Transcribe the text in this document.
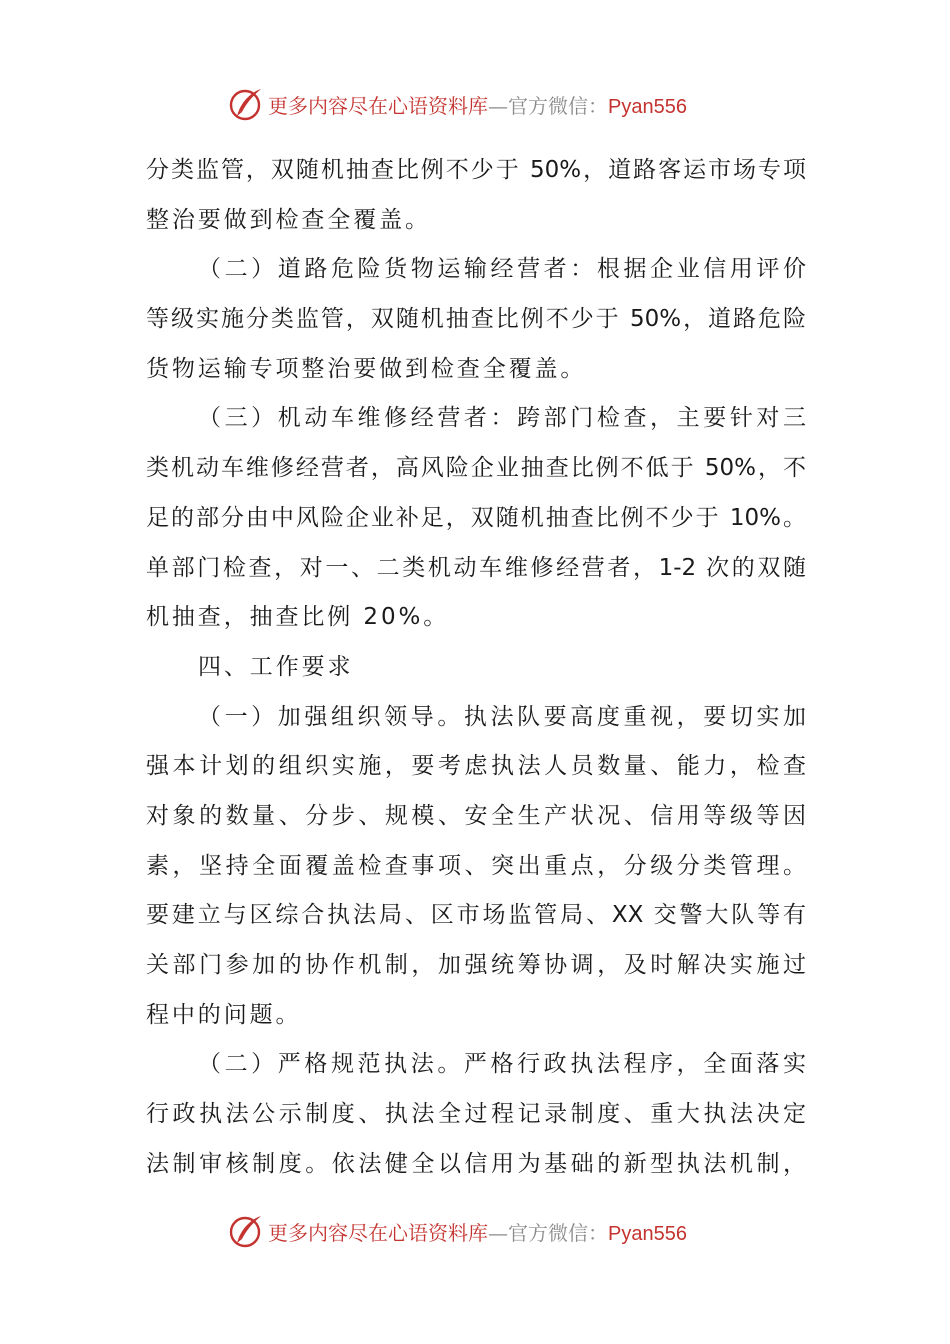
更多内容尽在心语资料库—官方微信：Pyan556
分类监管，双随机抽查比例不少于 50%，道路客运市场专项
整治要做到检查全覆盖。
（二）道路危险货物运输经营者：根据企业信用评价
等级实施分类监管，双随机抽查比例不少于 50%，道路危险
货物运输专项整治要做到检查全覆盖。
（三）机动车维修经营者：跨部门检查，主要针对三
类机动车维修经营者，高风险企业抽查比例不低于 50%，不
足的部分由中风险企业补足，双随机抽查比例不少于 10%。
单部门检查，对一、二类机动车维修经营者，1-2 次的双随
机抽查，抽查比例 20%。
四、工作要求
（一）加强组织领导。执法队要高度重视，要切实加
强本计划的组织实施，要考虑执法人员数量、能力，检查
对象的数量、分步、规模、安全生产状况、信用等级等因
素，坚持全面覆盖检查事项、突出重点，分级分类管理。
要建立与区综合执法局、区市场监管局、XX 交警大队等有
关部门参加的协作机制，加强统筹协调，及时解决实施过
程中的问题。
（二）严格规范执法。严格行政执法程序，全面落实
行政执法公示制度、执法全过程记录制度、重大执法决定
法制审核制度。依法健全以信用为基础的新型执法机制，
更多内容尽在心语资料库—官方微信：Pyan556
